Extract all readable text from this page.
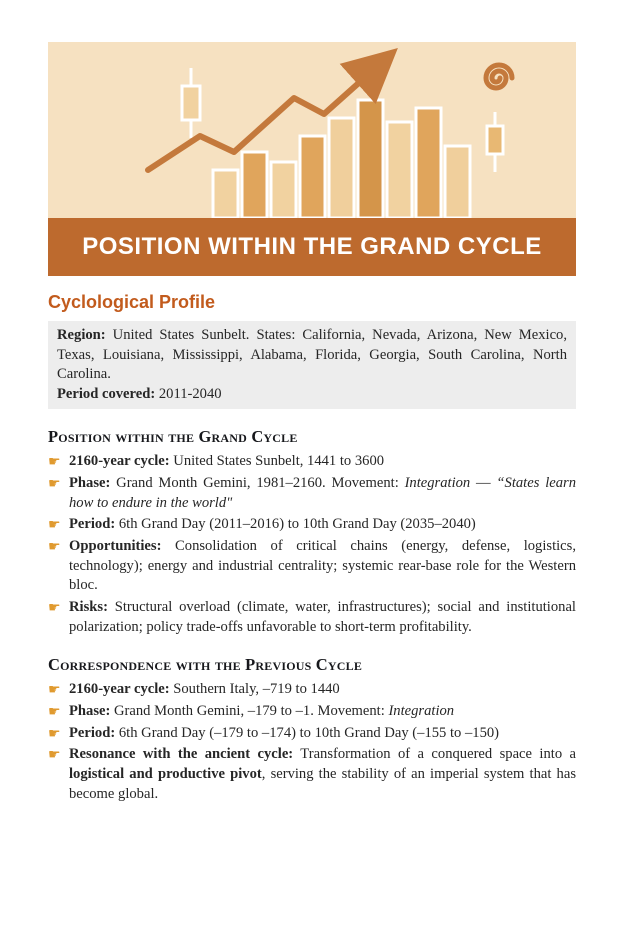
POSITION WITHIN THE GRAND CYCLE
Cyclological Profile

Region: United States Sunbelt. States: California, Nevada, Arizona, New Mexico, Texas, Louisiana, Mississippi, Alabama, Florida, Georgia, South Carolina, North Carolina.

Period covered: 2011-2040

Position within the Grand Cycle
☛ 2160-year cycle: United States Sunbelt, 1441 to 3600
☛ Phase: Grand Month Gemini, 1981–2160. Movement: Integration — “States learn how to endure in the world"
☛ Period: 6th Grand Day (2011–2016) to 10th Grand Day (2035–2040)
☛ Opportunities: Consolidation of critical chains (energy, defense, logistics, technology); energy and industrial centrality; systemic rear-base role for the Western bloc.
☛ Risks: Structural overload (climate, water, infrastructures); social and institutional polarization; policy trade-offs unfavorable to short-term profitability.
Correspondence with the Previous Cycle
☛ 2160-year cycle: Southern Italy, –719 to 1440
☛ Phase: Grand Month Gemini, –179 to –1. Movement: Integration
☛ Period: 6th Grand Day (–179 to –174) to 10th Grand Day (–155 to –150)
☛ Resonance with the ancient cycle: Transformation of a conquered space into a logistical and productive pivot, serving the stability of an imperial system that has become global.
